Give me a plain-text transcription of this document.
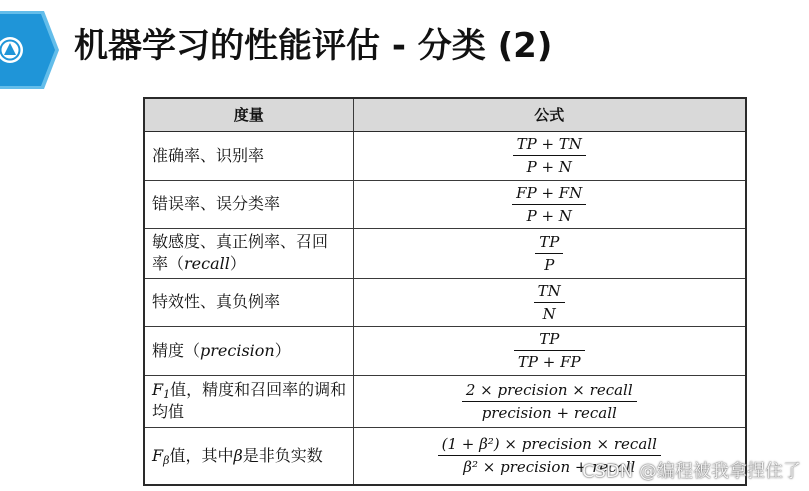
机器学习的性能评估 - 分类 (2)
度量	公式
准确率、识别率	$\frac{TP + TN}{P + N}$

错误率、误分类率	$\frac{FP + FN}{P + N}$

敏感度、真正例率、召回
率（recall）	$\frac{TP}{P}$

特效性、真负例率	$\frac{TN}{N}$

精度（precision）	$\frac{TP}{TP + FP}$

$F_1$值，精度和召回率的调和
均值	$\frac{\text{2 × precision × recall}}{\text{precision + recall}}$

$F_\beta$值，其中β是非负实数	$\frac{\text{(1 + β²) × precision × recall}}{\text{β² × precision + recall}}$
CSDN @编程被我拿捏住了
